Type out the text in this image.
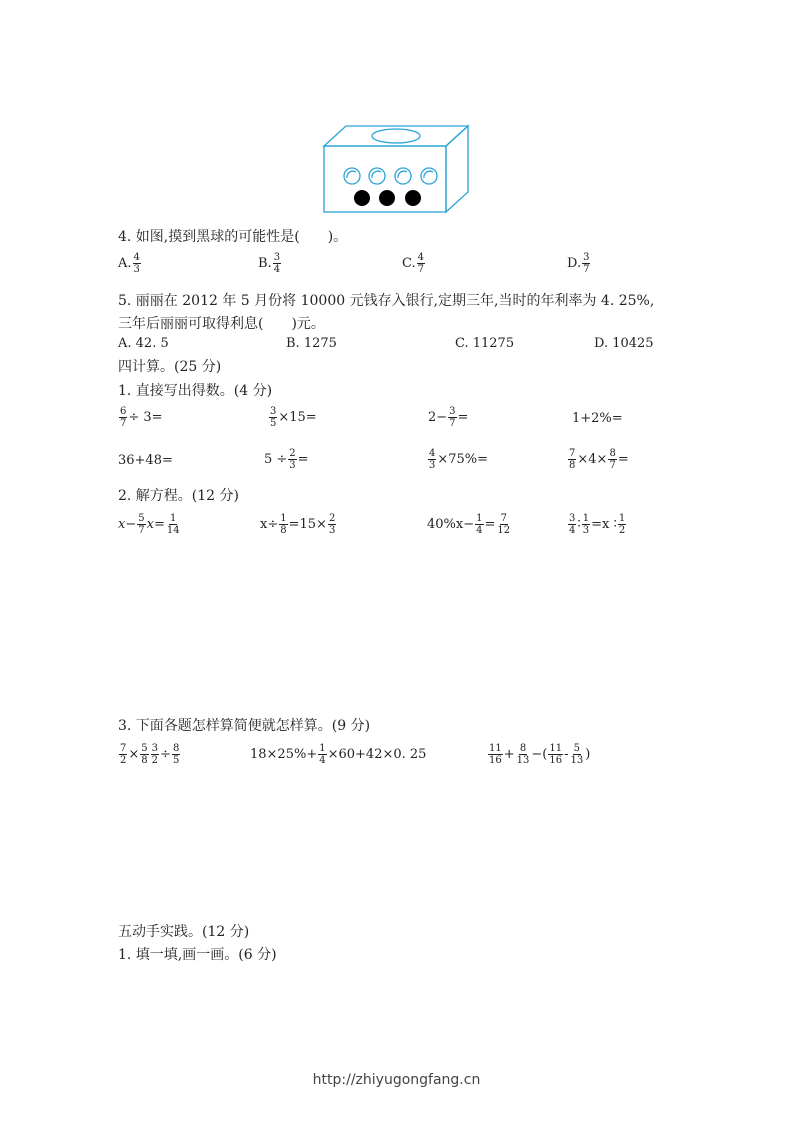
4. 如图,摸到黑球的可能性是(　　)。
A. $\frac{4}{3}$	B. $\frac{3}{4}$	C. $\frac{4}{7}$	D. $\frac{3}{7}$
5. 丽丽在 2012 年 5 月份将 10000 元钱存入银行,定期三年,当时的年利率为 4. 25%,
三年后丽丽可取得利息(　　)元。
A. 42. 5	B. 1275	C. 11275	D. 10425
四计算。(25 分)
1. 直接写出得数。(4 分)
$\frac{6}{7} \div 3=$	$\frac{3}{5} \times 15=$	$2- \frac{3}{7}$ =	1+2%=
36+48=	$5 \div \frac{2}{3}$ =	$\frac{4}{3} \times 75\%=$	$\frac{7}{8} \times 4\times \frac{8}{7}$ =
2. 解方程。(12 分)
$x- \frac{5}{7} x= \frac{1}{14}$	$x\div \frac{1}{8} =15\times \frac{2}{3}$	$40\%x- \frac{1}{4} = \frac{7}{12}$	$\frac{3}{4}$ ∶ $\frac{1}{3} =x$ ∶ $\frac{1}{2}$
3. 下面各题怎样算简便就怎样算。(9 分)
$\frac{7}{2} \times \frac{5}{8} \frac{3}{2} \div \frac{8}{5}$	$18\times 25\%+ \frac{1}{4} \times 60+42\times 0$. 25	$\frac{11}{16} + \frac{8}{13}$ −( $\frac{11}{16} - \frac{5}{13}$ )
五动手实践。(12 分)
1. 填一填,画一画。(6 分)
http://zhiyugongfang.cn
